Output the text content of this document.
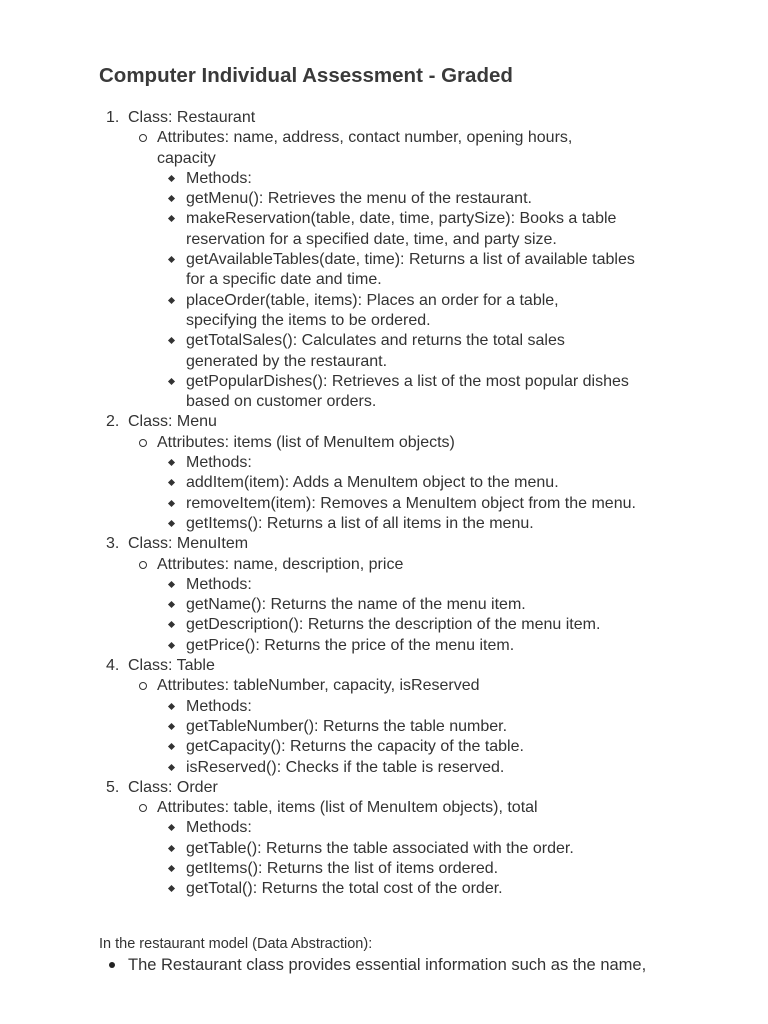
Computer Individual Assessment - Graded
1. Class: Restaurant
Attributes: name, address, contact number, opening hours,
capacity
Methods:
getMenu(): Retrieves the menu of the restaurant.
makeReservation(table, date, time, partySize): Books a table
reservation for a specified date, time, and party size.
getAvailableTables(date, time): Returns a list of available tables
for a specific date and time.
placeOrder(table, items): Places an order for a table,
specifying the items to be ordered.
getTotalSales(): Calculates and returns the total sales
generated by the restaurant.
getPopularDishes(): Retrieves a list of the most popular dishes
based on customer orders.
2. Class: Menu
Attributes: items (list of MenuItem objects)
Methods:
addItem(item): Adds a MenuItem object to the menu.
removeItem(item): Removes a MenuItem object from the menu.
getItems(): Returns a list of all items in the menu.
3. Class: MenuItem
Attributes: name, description, price
Methods:
getName(): Returns the name of the menu item.
getDescription(): Returns the description of the menu item.
getPrice(): Returns the price of the menu item.
4. Class: Table
Attributes: tableNumber, capacity, isReserved
Methods:
getTableNumber(): Returns the table number.
getCapacity(): Returns the capacity of the table.
isReserved(): Checks if the table is reserved.
5. Class: Order
Attributes: table, items (list of MenuItem objects), total
Methods:
getTable(): Returns the table associated with the order.
getItems(): Returns the list of items ordered.
getTotal(): Returns the total cost of the order.
In the restaurant model (Data Abstraction):
The Restaurant class provides essential information such as the name,
